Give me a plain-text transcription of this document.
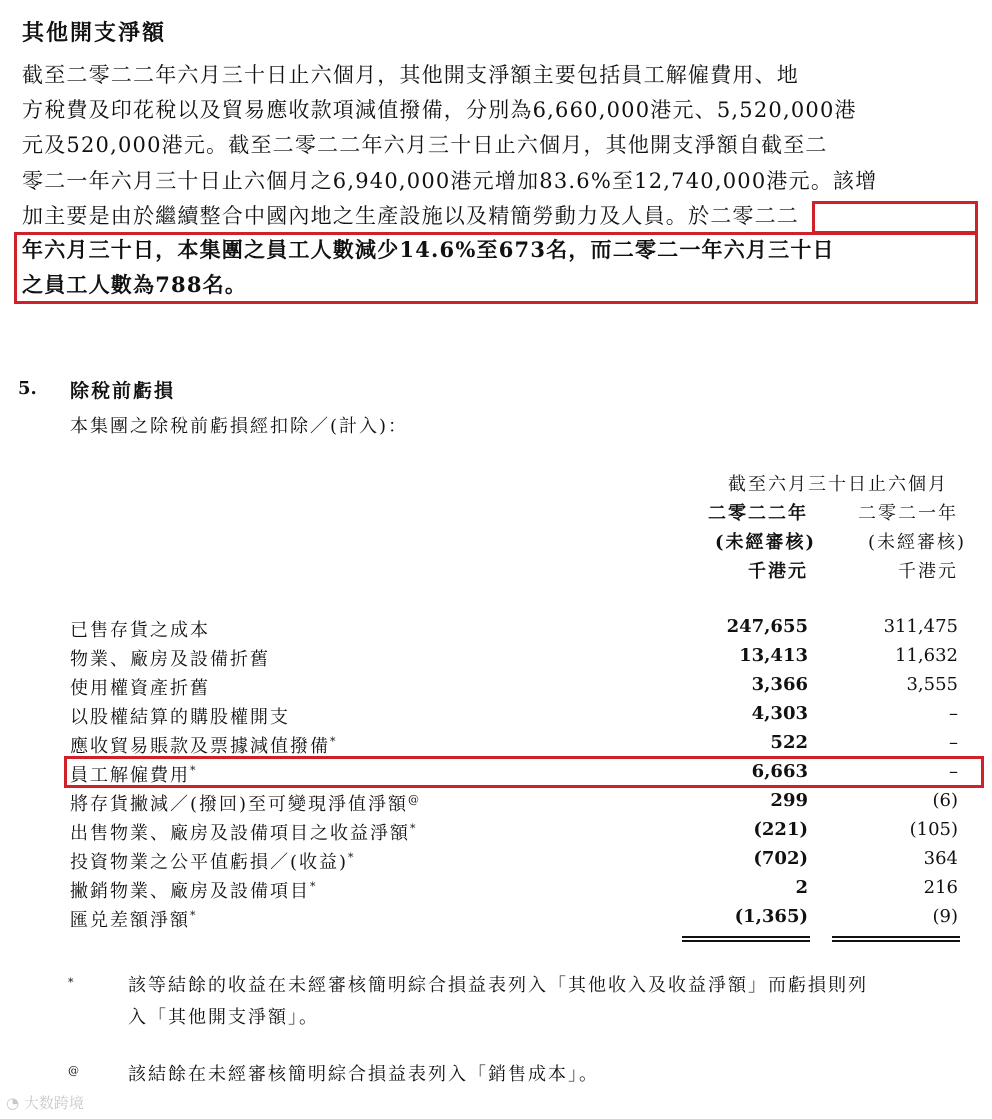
其他開支淨額
截至二零二二年六月三十日止六個月，其他開支淨額主要包括員工解僱費用、地
方稅費及印花稅以及貿易應收款項減值撥備，分別為6,660,000港元、5,520,000港
元及520,000港元。截至二零二二年六月三十日止六個月，其他開支淨額自截至二
零二一年六月三十日止六個月之6,940,000港元增加83.6%至12,740,000港元。該增
加主要是由於繼續整合中國內地之生產設施以及精簡勞動力及人員。於二零二二
年六月三十日，本集團之員工人數減少14.6%至673名，而二零二一年六月三十日
之員工人數為788名。
5. 除稅前虧損
本集團之除稅前虧損經扣除／(計入)：
截至六月三十日止六個月
二零二二年
(未經審核)
千港元
二零二一年
(未經審核)
千港元
已售存貨之成本	247,655	311,475
物業、廠房及設備折舊	13,413	11,632
使用權資產折舊	3,366	3,555
以股權結算的購股權開支	4,303	–
應收貿易賬款及票據減值撥備*	522	–
員工解僱費用*	6,663	–
將存貨撇減／(撥回)至可變現淨值淨額@	299	(6)
出售物業、廠房及設備項目之收益淨額*	(221)	(105)
投資物業之公平值虧損／(收益)*	(702)	364
撇銷物業、廠房及設備項目*	2	216
匯兑差額淨額*	(1,365)	(9)
*	該等結餘的收益在未經審核簡明綜合損益表列入「其他收入及收益淨額」而虧損則列
入「其他開支淨額」。
@	該結餘在未經審核簡明綜合損益表列入「銷售成本」。
◔ 大数跨境
